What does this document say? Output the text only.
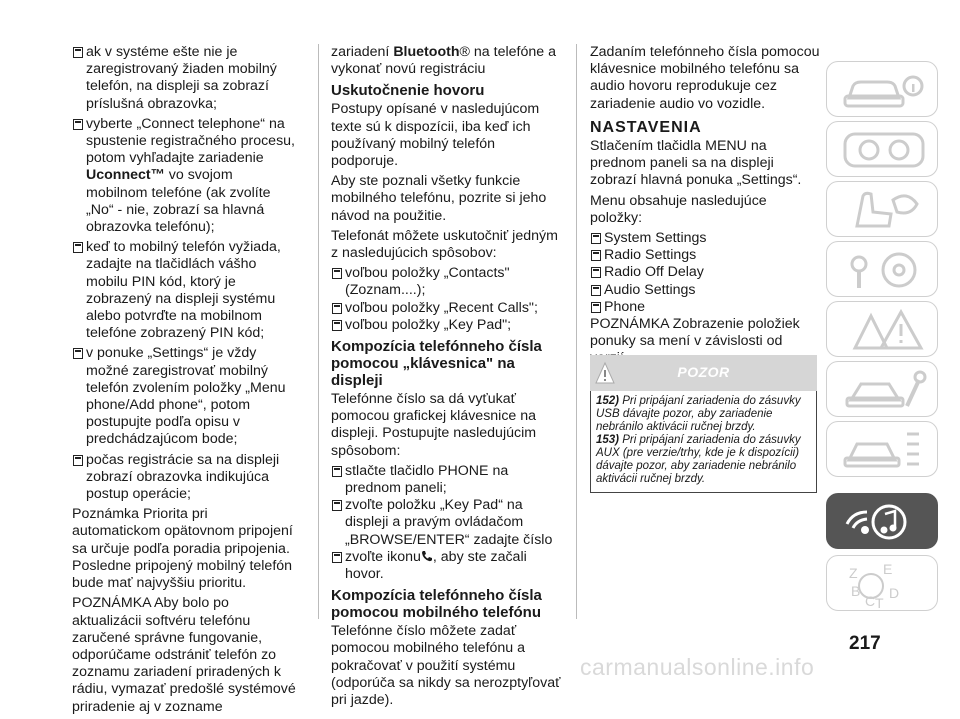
ak v systéme ešte nie je zaregistrovaný žiaden mobilný telefón, na displeji sa zobrazí príslušná obrazovka;

vyberte „Connect telephone“ na spustenie registračného procesu, potom vyhľadajte zariadenie Uconnect™ vo svojom mobilnom telefóne (ak zvolíte „No“ - nie, zobrazí sa hlavná obrazovka telefónu);

keď to mobilný telefón vyžiada, zadajte na tlačidlách vášho mobilu PIN kód, ktorý je zobrazený na displeji systému alebo potvrďte na mobilnom telefóne zobrazený PIN kód;

v ponuke „Settings“ je vždy možné zaregistrovať mobilný telefón zvolením položky „Menu phone/Add phone“, potom postupujte podľa opisu v predchádzajúcom bode;

počas registrácie sa na displeji zobrazí obrazovka indikujúca postup operácie;

Poznámka Priorita pri automatickom opätovnom pripojení sa určuje podľa poradia pripojenia. Posledne pripojený mobilný telefón bude mať najvyššiu prioritu.

POZNÁMKA Aby bolo po aktualizácii softvéru telefónu zaručené správne fungovanie, odporúčame odstrániť telefón zo zoznamu zariadení priradených k rádiu, vymazať predošlé systémové priradenie aj v zozname

zariadení Bluetooth® na telefóne a vykonať novú registráciu

Uskutočnenie hovoru

Postupy opísané v nasledujúcom texte sú k dispozícii, iba keď ich používaný mobilný telefón podporuje.

Aby ste poznali všetky funkcie mobilného telefónu, pozrite si jeho návod na použitie.

Telefonát môžete uskutočniť jedným z nasledujúcich spôsobov:

voľbou položky „Contacts" (Zoznam....);

voľbou položky „Recent Calls";

voľbou položky „Key Pad";

Kompozícia telefónneho čísla pomocou „klávesnica" na displeji

Telefónne číslo sa dá vyťukať pomocou grafickej klávesnice na displeji. Postupujte nasledujúcim spôsobom:

stlačte tlačidlo PHONE na prednom paneli;

zvoľte položku „Key Pad“ na displeji a pravým ovládačom „BROWSE/ENTER“ zadajte číslo

zvoľte ikonu , aby ste začali hovor.

Kompozícia telefónneho čísla pomocou mobilného telefónu

Telefónne číslo môžete zadať pomocou mobilného telefónu a pokračovať v použití systému (odporúča sa nikdy sa nerozptyľovať pri jazde).

Zadaním telefónneho čísla pomocou klávesnice mobilného telefónu sa audio hovoru reprodukuje cez zariadenie audio vo vozidle.

NASTAVENIA

Stlačením tlačidla MENU na prednom paneli sa na displeji zobrazí hlavná ponuka „Settings“.

Menu obsahuje nasledujúce položky:

System Settings

Radio Settings

Radio Off Delay

Audio Settings

Phone

POZNÁMKA Zobrazenie položiek ponuky sa mení v závislosti od

POZOR

152) Pri pripájaní zariadenia do zásuvky USB dávajte pozor, aby zariadenie nebránilo aktivácii ručnej brzdy.

153) Pri pripájaní zariadenia do zásuvky AUX (pre verzie/trhy, kde je k dispozícii) dávajte pozor, aby zariadenie nebránilo aktivácii ručnej brzdy.

Z E
B
C T
D
217
carmanualsonline.info
